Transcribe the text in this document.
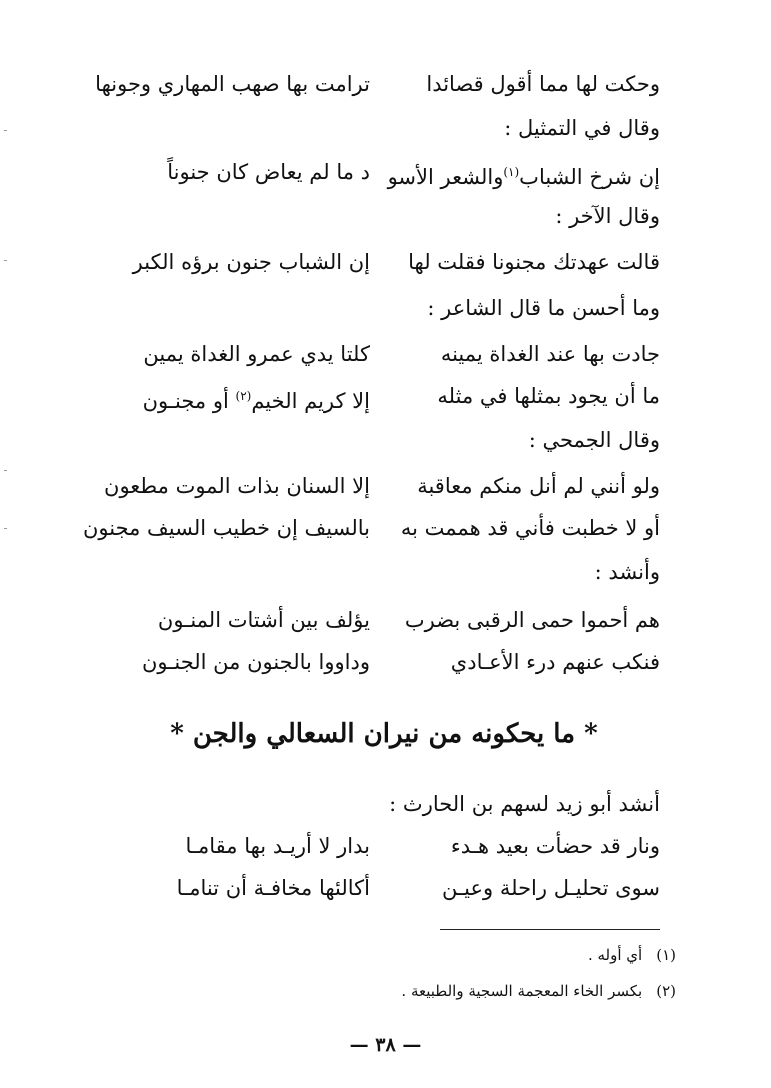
وحكت لها مما أقول قصائدا
ترامت بها صهب المهاري وجونها
وقال في التمثيل :
إن شرخ الشباب$^{(١)}$والشعر الأسو
د ما لم يعاض كان جنوناً
وقال الآخر :
قالت عهدتك مجنونا فقلت لها
إن الشباب جنون برؤه الكبر
وما أحسن ما قال الشاعر :
جادت بها عند الغداة يمينه
كلتا يدي عمرو الغداة يمين
ما أن يجود بمثلها في مثله
إلا كريم الخيم$^{(٢)}$ أو مجنـون
وقال الجمحي :
ولو أنني لم أنل منكم معاقبة
إلا السنان بذات الموت مطعون
أو لا خطبت فأني قد هممت به
بالسيف إن خطيب السيف مجنون
وأنشد :
هم أحموا حمى الرقبى بضرب
يؤلف بين أشتات المنـون
فنكب عنهم درء الأعـادي
وداووا بالجنون من الجنـون
* ما يحكونه من نيران السعالي والجن *
أنشد أبو زيد لسهم بن الحارث :
ونار قد حضأت بعيد هـدء
بدار لا أريـد بها مقامـا
سوى تحليـل راحلة وعيـن
أكالئها مخافـة أن تنامـا
(١)أي أوله .
(٢)بكسر الخاء المعجمة السجية والطبيعة .
— ٣٨ —
